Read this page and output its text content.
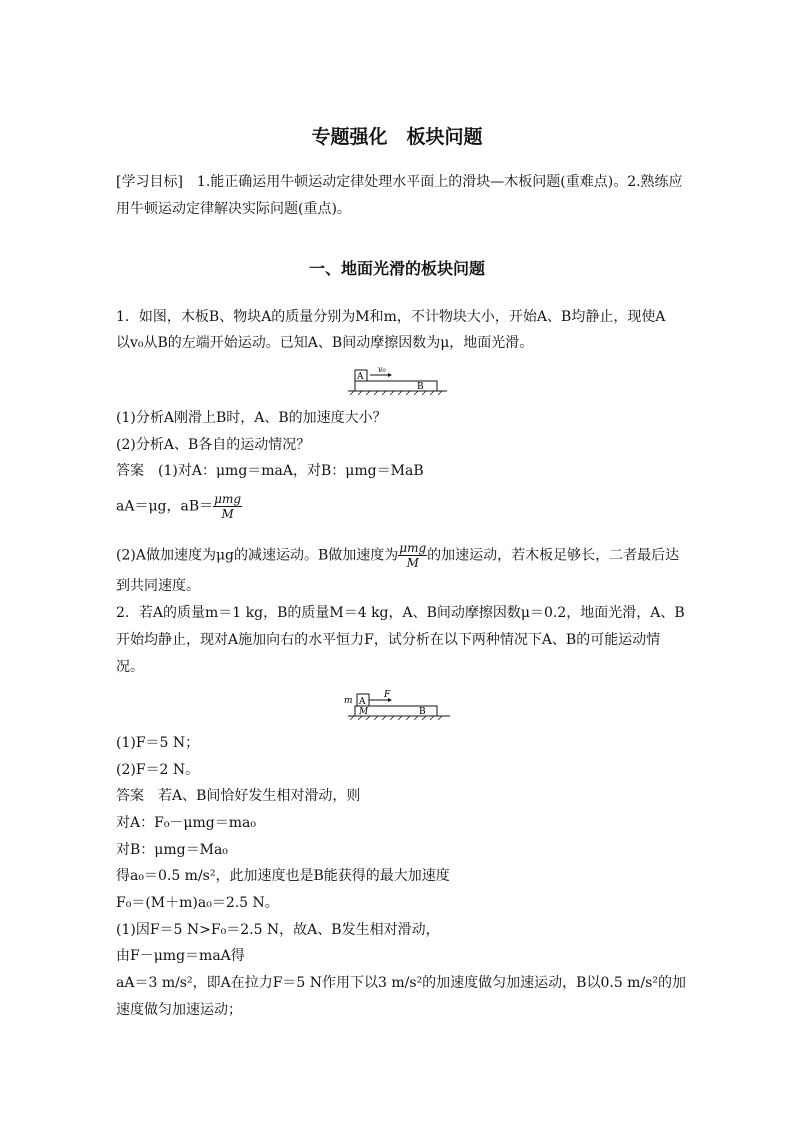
专题强化　板块问题
[学习目标]　1.能正确运用牛顿运动定律处理水平面上的滑块—木板问题(重难点)。2.熟练应
用牛顿运动定律解决实际问题(重点)。
一、地面光滑的板块问题
1．如图，木板B、物块A的质量分别为M和m，不计物块大小，开始A、B均静止，现使A
以v₀从B的左端开始运动。已知A、B间动摩擦因数为μ，地面光滑。
A
v₀
B
(1)分析A刚滑上B时，A、B的加速度大小？
(2)分析A、B各自的运动情况？
答案　(1)对A：μmg＝maA，对B：μmg＝MaB
aA＝μg，$aB= \frac{\text{μmg}}{M}$
(2)A做加速度为μg的减速运动。B做加速度为 $\frac{\text{μmg}}{M}$ 的加速运动，若木板足够长，二者最后达
到共同速度。
2．若A的质量m＝1 kg，B的质量M＝4 kg，A、B间动摩擦因数μ＝0.2，地面光滑，A、B
开始均静止，现对A施加向右的水平恒力F，试分析在以下两种情况下A、B的可能运动情
况。
m A
F
M	B
(1)F＝5 N；
(2)F＝2 N。
答案　若A、B间恰好发生相对滑动，则
对A：F₀－μmg＝ma₀
对B：μmg＝Ma₀
得a₀＝0.5 m/s²，此加速度也是B能获得的最大加速度
F₀＝(M＋m)a₀＝2.5 N。
(1)因F＝5 N>F₀＝2.5 N，故A、B发生相对滑动，
由F－μmg＝maA得
aA＝3 m/s²，即A在拉力F＝5 N作用下以3 m/s²的加速度做匀加速运动，B以0.5 m/s²的加
速度做匀加速运动；
